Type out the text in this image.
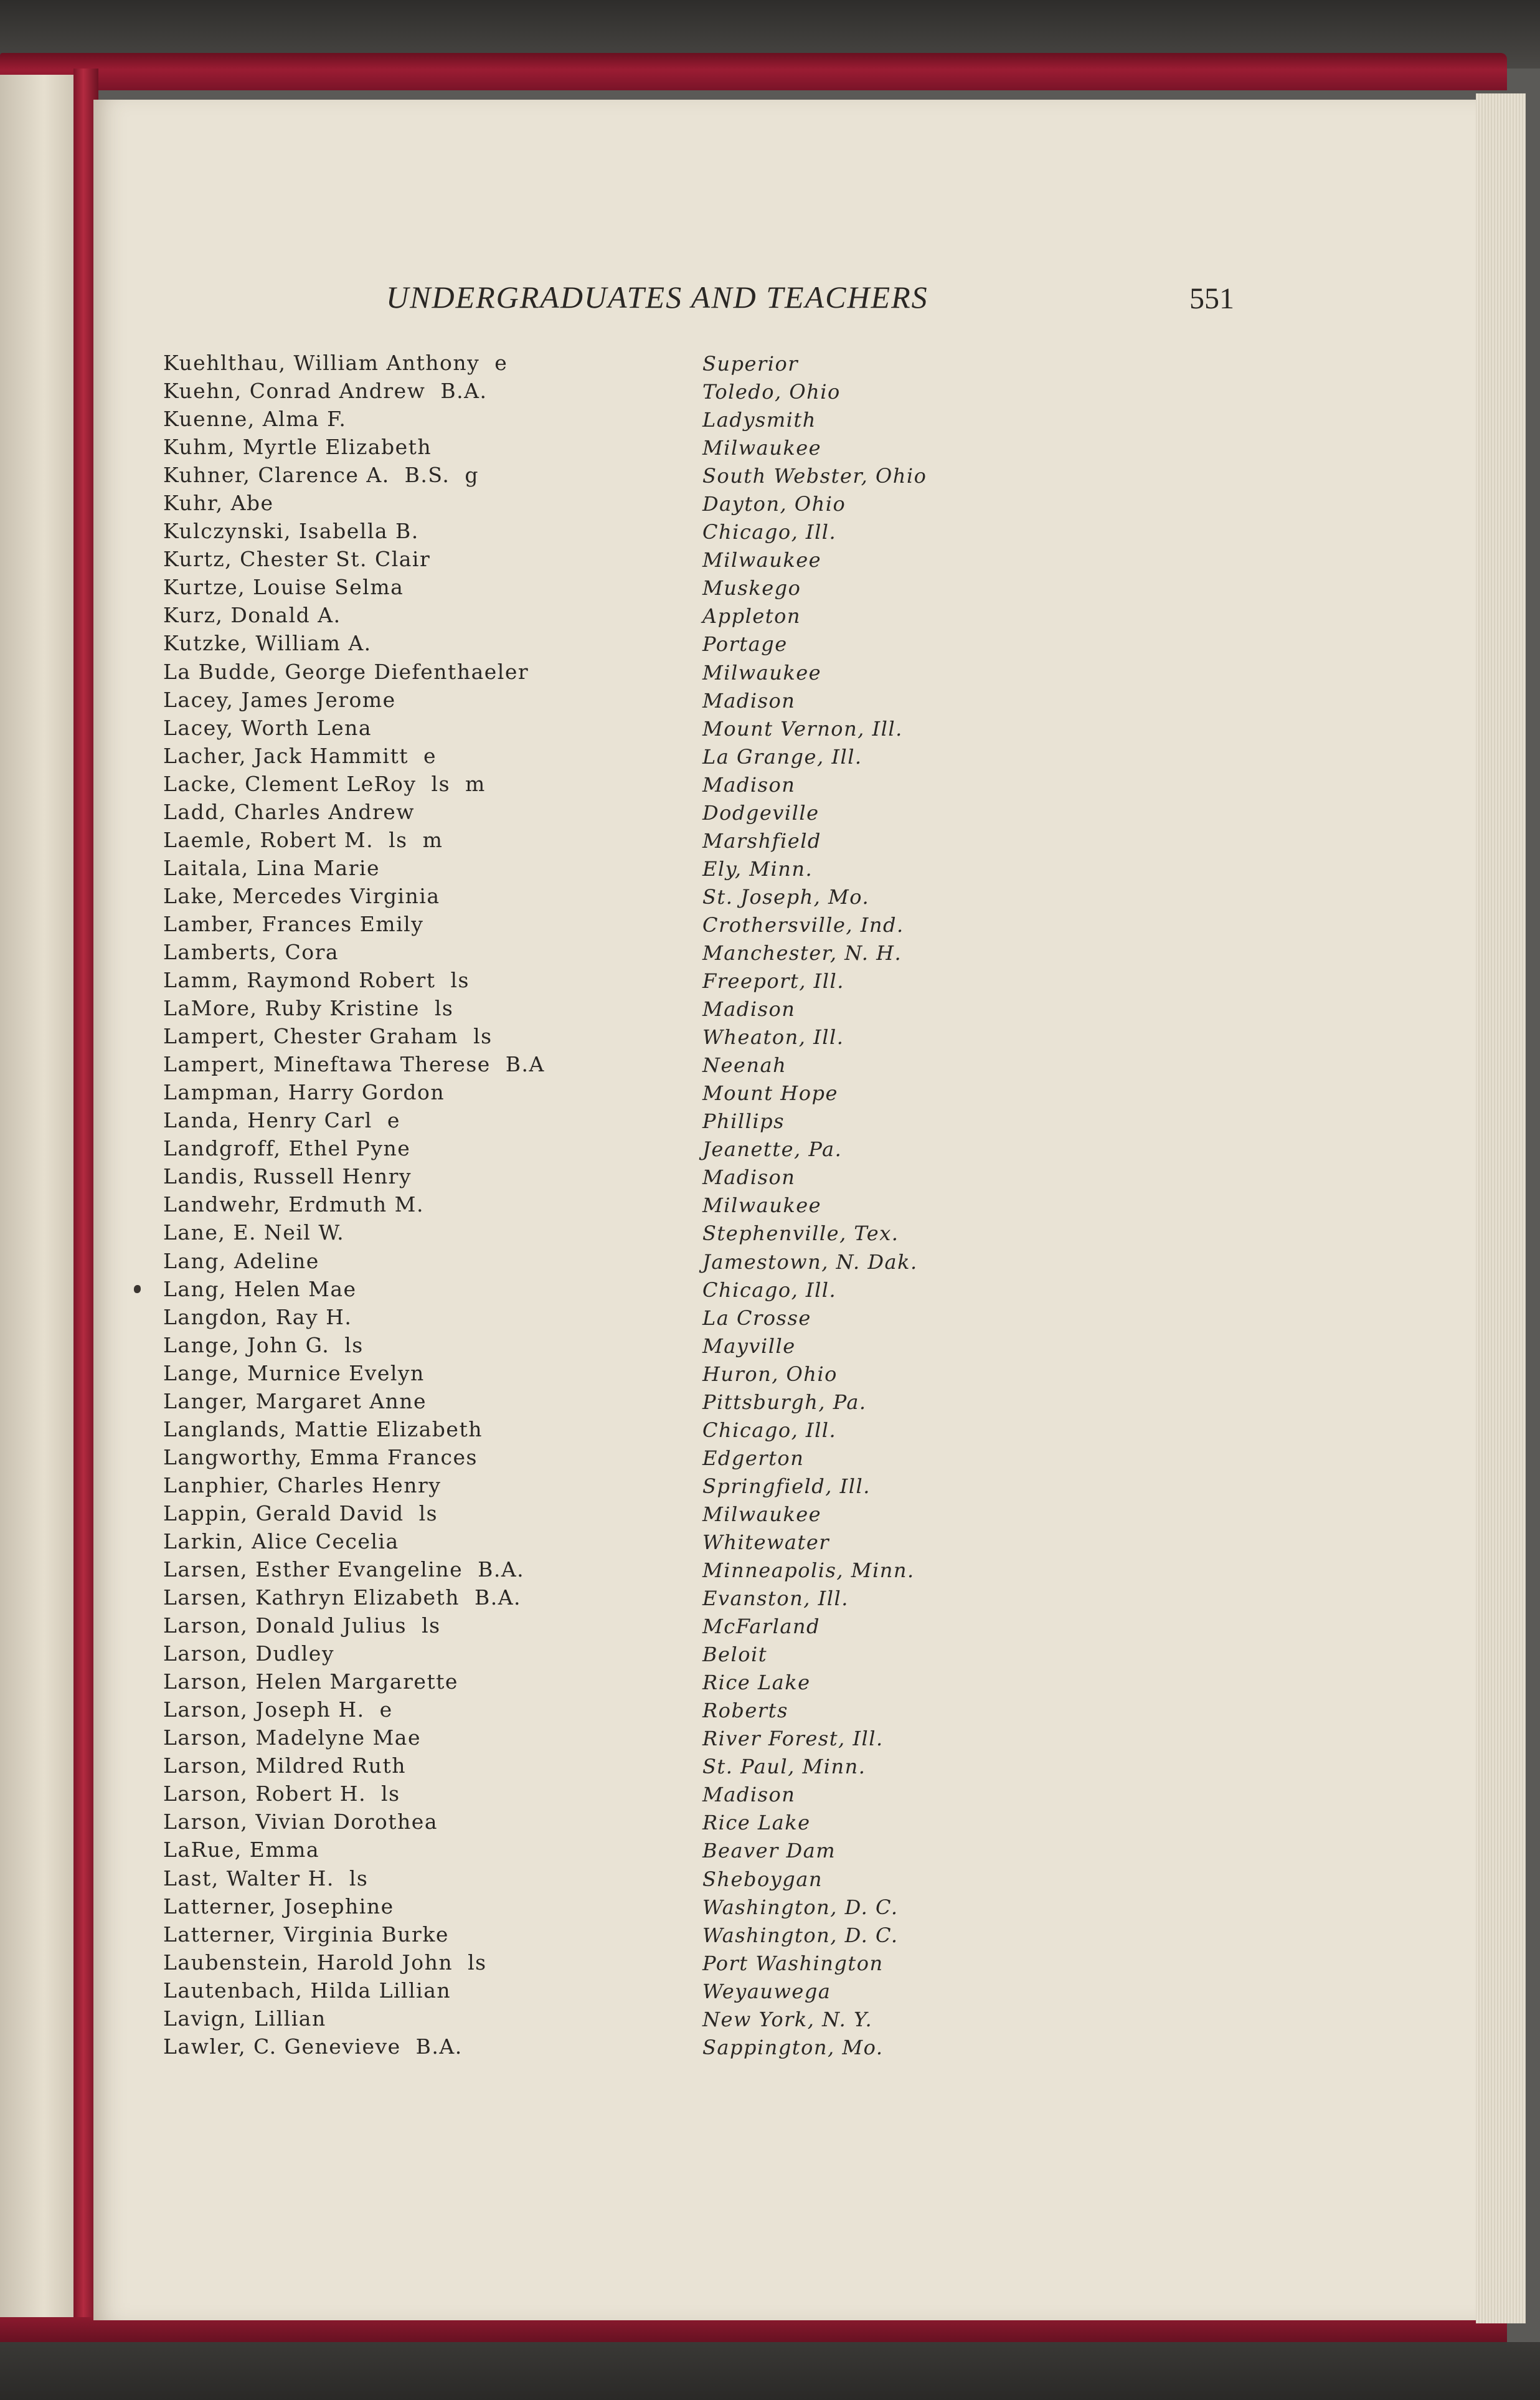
UNDERGRADUATES AND TEACHERS	551
Kuehlthau, William Anthony  e	Superior
Kuehn, Conrad Andrew  B.A.	Toledo, Ohio
Kuenne, Alma F.	Ladysmith
Kuhm, Myrtle Elizabeth	Milwaukee
Kuhner, Clarence A.  B.S.  g	South Webster, Ohio
Kuhr, Abe	Dayton, Ohio
Kulczynski, Isabella B.	Chicago, Ill.
Kurtz, Chester St. Clair	Milwaukee
Kurtze, Louise Selma	Muskego
Kurz, Donald A.	Appleton
Kutzke, William A.	Portage
La Budde, George Diefenthaeler	Milwaukee
Lacey, James Jerome	Madison
Lacey, Worth Lena	Mount Vernon, Ill.
Lacher, Jack Hammitt  e	La Grange, Ill.
Lacke, Clement LeRoy  ls  m	Madison
Ladd, Charles Andrew	Dodgeville
Laemle, Robert M.  ls  m	Marshfield
Laitala, Lina Marie	Ely, Minn.
Lake, Mercedes Virginia	St. Joseph, Mo.
Lamber, Frances Emily	Crothersville, Ind.
Lamberts, Cora	Manchester, N. H.
Lamm, Raymond Robert  ls	Freeport, Ill.
LaMore, Ruby Kristine  ls	Madison
Lampert, Chester Graham  ls	Wheaton, Ill.
Lampert, Mineftawa Therese  B.A	Neenah
Lampman, Harry Gordon	Mount Hope
Landa, Henry Carl  e	Phillips
Landgroff, Ethel Pyne	Jeanette, Pa.
Landis, Russell Henry	Madison
Landwehr, Erdmuth M.	Milwaukee
Lane, E. Neil W.	Stephenville, Tex.
Lang, Adeline	Jamestown, N. Dak.
Lang, Helen Mae	Chicago, Ill.
Langdon, Ray H.	La Crosse
Lange, John G.  ls	Mayville
Lange, Murnice Evelyn	Huron, Ohio
Langer, Margaret Anne	Pittsburgh, Pa.
Langlands, Mattie Elizabeth	Chicago, Ill.
Langworthy, Emma Frances	Edgerton
Lanphier, Charles Henry	Springfield, Ill.
Lappin, Gerald David  ls	Milwaukee
Larkin, Alice Cecelia	Whitewater
Larsen, Esther Evangeline  B.A.	Minneapolis, Minn.
Larsen, Kathryn Elizabeth  B.A.	Evanston, Ill.
Larson, Donald Julius  ls	McFarland
Larson, Dudley	Beloit
Larson, Helen Margarette	Rice Lake
Larson, Joseph H.  e	Roberts
Larson, Madelyne Mae	River Forest, Ill.
Larson, Mildred Ruth	St. Paul, Minn.
Larson, Robert H.  ls	Madison
Larson, Vivian Dorothea	Rice Lake
LaRue, Emma	Beaver Dam
Last, Walter H.  ls	Sheboygan
Latterner, Josephine	Washington, D. C.
Latterner, Virginia Burke	Washington, D. C.
Laubenstein, Harold John  ls	Port Washington
Lautenbach, Hilda Lillian	Weyauwega
Lavign, Lillian	New York, N. Y.
Lawler, C. Genevieve  B.A.	Sappington, Mo.
